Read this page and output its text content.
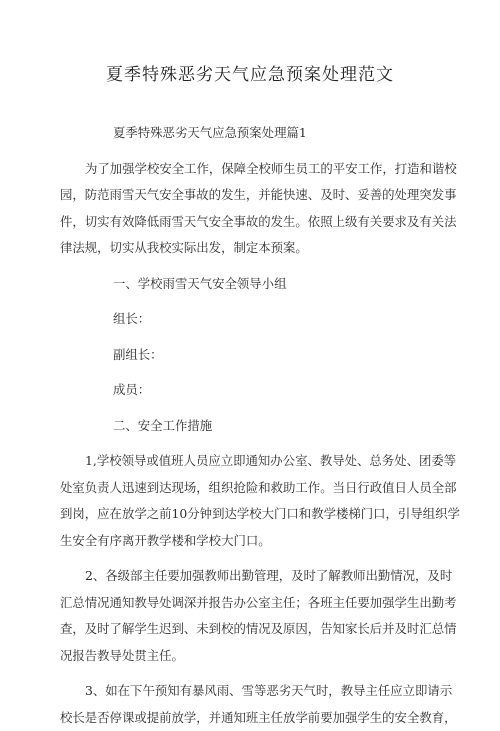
夏季特殊恶劣天气应急预案处理范文

夏季特殊恶劣天气应急预案处理篇1

为了加强学校安全工作，保障全校师生员工的平安工作，打造和谐校

园，防范雨雪天气安全事故的发生，并能快速、及时、妥善的处理突发事

件，切实有效降低雨雪天气安全事故的发生。依照上级有关要求及有关法

律法规，切实从我校实际出发，制定本预案。

一、学校雨雪天气安全领导小组

组长：

副组长：

成员：

二、安全工作措施

1,学校领导或值班人员应立即通知办公室、教导处、总务处、团委等

处室负责人迅速到达现场，组织抢险和救助工作。当日行政值日人员全部

到岗，应在放学之前10分钟到达学校大门口和教学楼梯门口，引导组织学

生安全有序离开教学楼和学校大门口。

2、各级部主任要加强教师出勤管理，及时了解教师出勤情况，及时

汇总情况通知教导处调深并报告办公室主任；各班主任要加强学生出勤考

查，及时了解学生迟到、未到校的情况及原因，告知家长后并及时汇总情

况报告教导处贯主任。

3、如在下午预知有暴风雨、雪等恶劣天气时，教导主任应立即请示

校长是否停课或提前放学，并通知班主任放学前要加强学生的安全教育，
